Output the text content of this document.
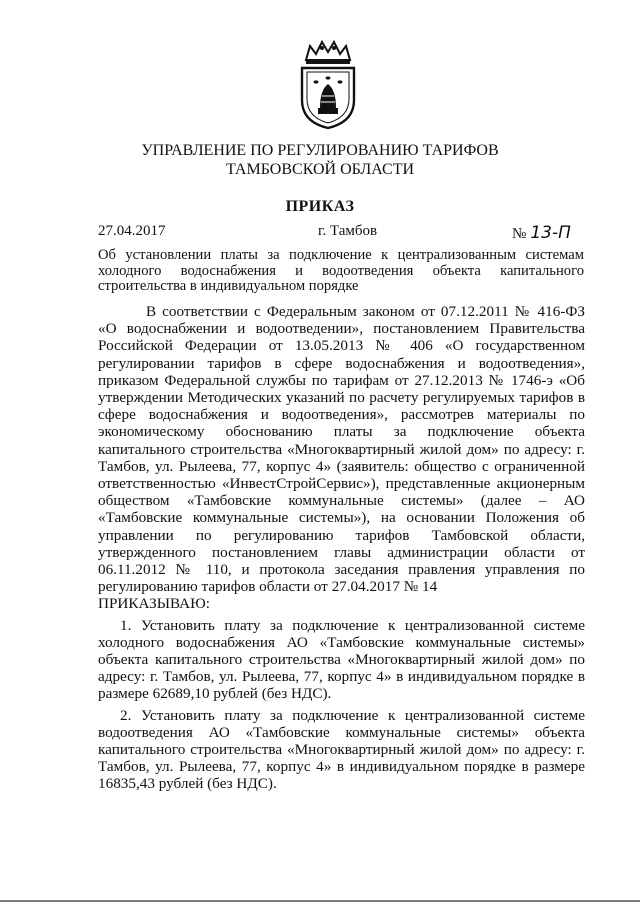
УПРАВЛЕНИЕ ПО РЕГУЛИРОВАНИЮ ТАРИФОВ
ТАМБОВСКОЙ ОБЛАСТИ
ПРИКАЗ
27.04.2017	г. Тамбов	№ 13-П
Об установлении платы за подключение к централизованным системам холодного водоснабжения и водоотведения объекта капитального строительства в индивидуальном порядке

В соответствии с Федеральным законом от 07.12.2011 № 416-ФЗ «О водоснабжении и водоотведении», постановлением Правительства Российской Федерации от 13.05.2013 № 406 «О государственном регулировании тарифов в сфере водоснабжения и водоотведения», приказом Федеральной службы по тарифам от 27.12.2013 № 1746-э «Об утверждении Методических указаний по расчету регулируемых тарифов в сфере водоснабжения и водоотведения», рассмотрев материалы по экономическому обоснованию платы за подключение объекта капитального строительства «Многоквартирный жилой дом» по адресу: г. Тамбов, ул. Рылеева, 77, корпус 4» (заявитель: общество с ограниченной ответственностью «ИнвестСтройСервис»), представленные акционерным обществом «Тамбовские коммунальные системы» (далее – АО «Тамбовские коммунальные системы»), на основании Положения об управлении по регулированию тарифов Тамбовской области, утвержденного постановлением главы администрации области от 06.11.2012 № 110, и протокола заседания правления управления по регулированию тарифов области от 27.04.2017 № 14

ПРИКАЗЫВАЮ:

1. Установить плату за подключение к централизованной системе холодного водоснабжения АО «Тамбовские коммунальные системы» объекта капитального строительства «Многоквартирный жилой дом» по адресу: г. Тамбов, ул. Рылеева, 77, корпус 4» в индивидуальном порядке в размере 62689,10 рублей (без НДС).

2. Установить плату за подключение к централизованной системе водоотведения АО «Тамбовские коммунальные системы» объекта капитального строительства «Многоквартирный жилой дом» по адресу: г. Тамбов, ул. Рылеева, 77, корпус 4» в индивидуальном порядке в размере 16835,43 рублей (без НДС).
